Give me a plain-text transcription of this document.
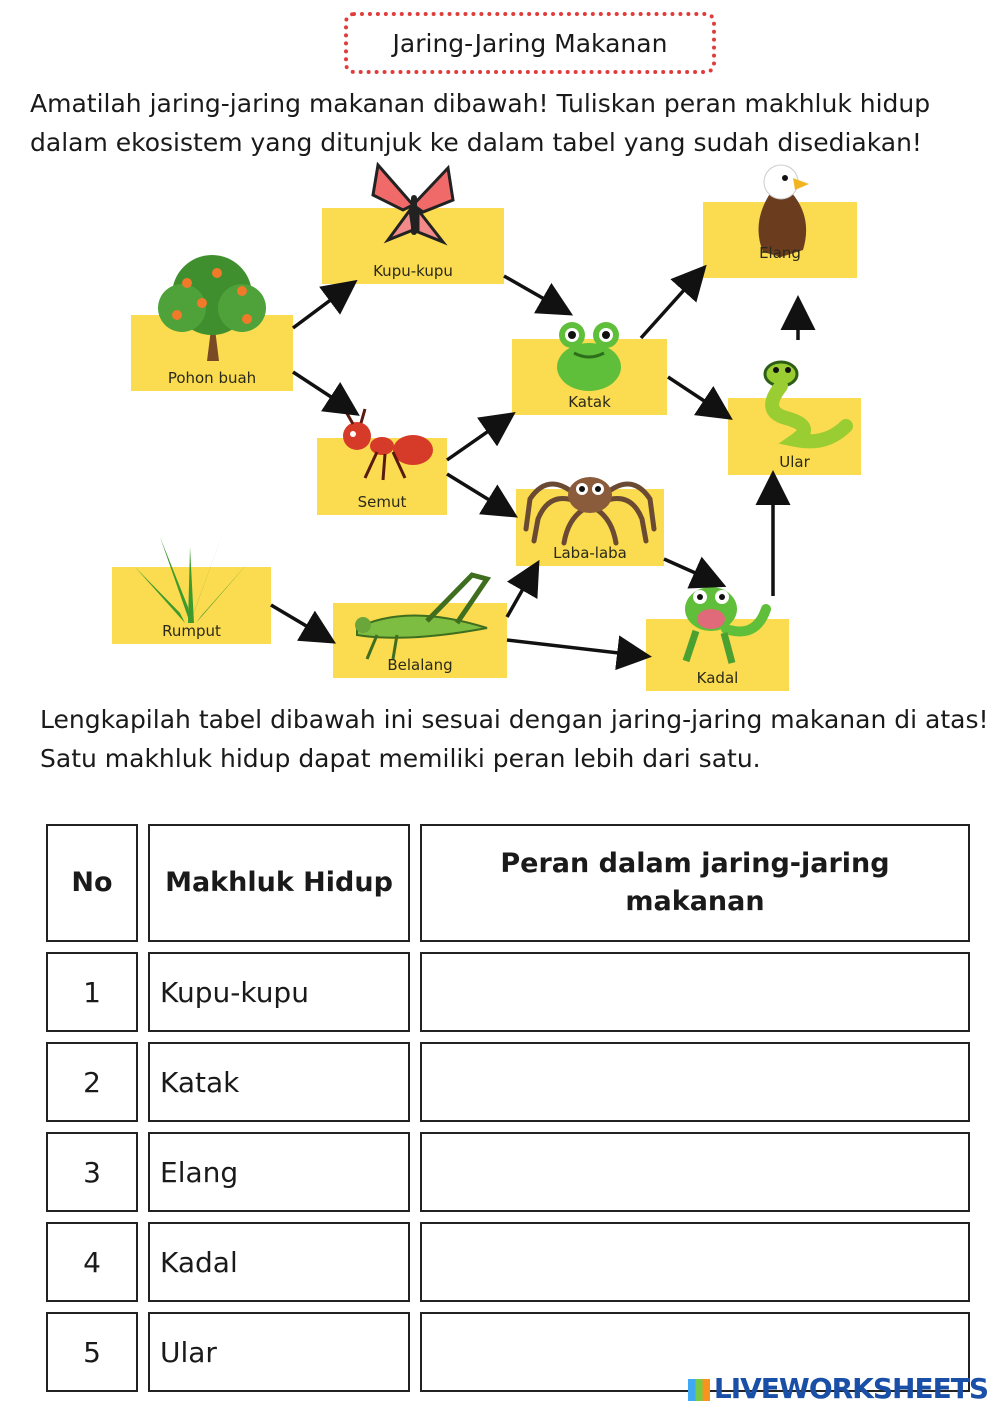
Jaring-Jaring Makanan

Amatilah jaring-jaring makanan dibawah! Tuliskan peran makhluk hidup dalam ekosistem yang ditunjuk ke dalam tabel yang sudah disediakan!

Pohon buah
Kupu-kupu
Katak
Elang
Semut
Ular
Laba-laba
Rumput
Belalang
Kadal

Lengkapilah tabel dibawah ini sesuai dengan jaring-jaring makanan di atas! Satu makhluk hidup dapat memiliki peran lebih dari satu.

No	Makhluk Hidup	Peran dalam jaring-jaring makanan
1	Kupu-kupu	
2	Katak	
3	Elang	
4	Kadal	
5	Ular	
LIVEWORKSHEETS
